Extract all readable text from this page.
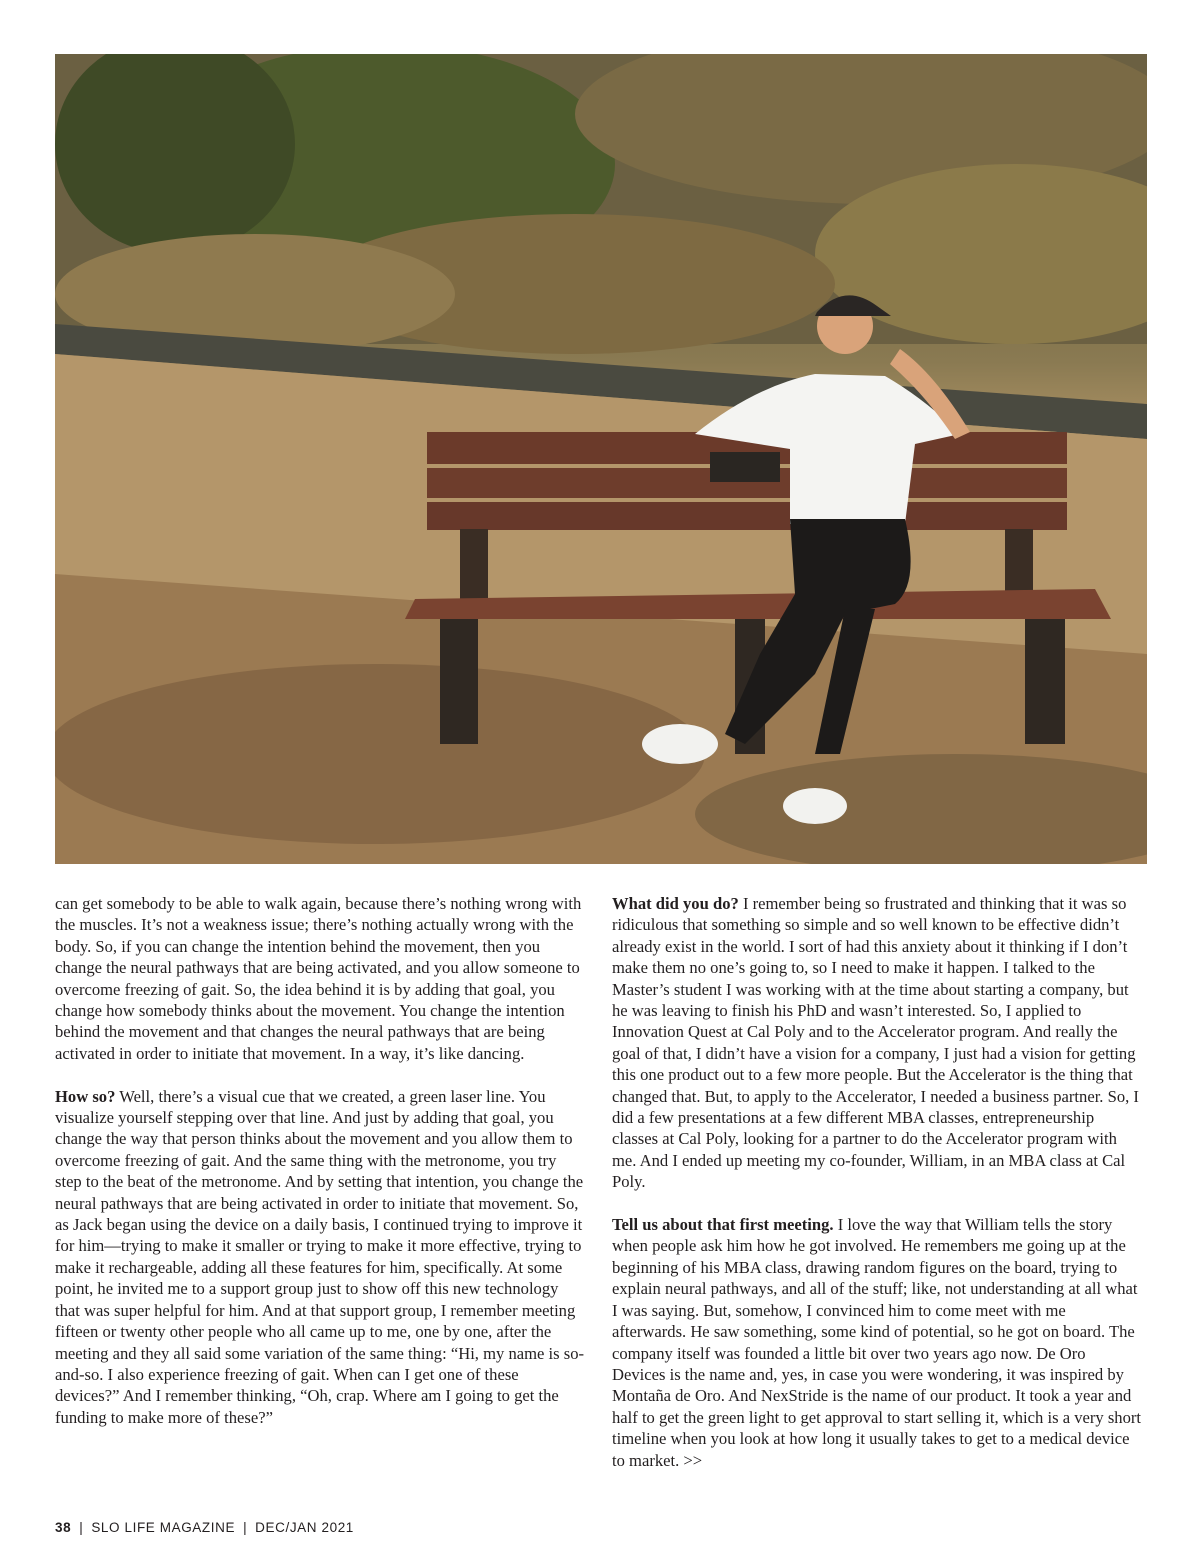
can get somebody to be able to walk again, because there’s nothing wrong with the muscles. It’s not a weakness issue; there’s nothing actually wrong with the body. So, if you can change the intention behind the movement, then you change the neural pathways that are being activated, and you allow someone to overcome freezing of gait. So, the idea behind it is by adding that goal, you change how somebody thinks about the movement. You change the intention behind the movement and that changes the neural pathways that are being activated in order to initiate that movement. In a way, it’s like dancing.

How so? Well, there’s a visual cue that we created, a green laser line. You visualize yourself stepping over that line. And just by adding that goal, you change the way that person thinks about the movement and you allow them to overcome freezing of gait. And the same thing with the metronome, you try step to the beat of the metronome. And by setting that intention, you change the neural pathways that are being activated in order to initiate that movement. So, as Jack began using the device on a daily basis, I continued trying to improve it for him—trying to make it smaller or trying to make it more effective, trying to make it rechargeable, adding all these features for him, specifically. At some point, he invited me to a support group just to show off this new technology that was super helpful for him. And at that support group, I remember meeting fifteen or twenty other people who all came up to me, one by one, after the meeting and they all said some variation of the same thing: “Hi, my name is so-and-so. I also experience freezing of gait. When can I get one of these devices?” And I remember thinking, “Oh, crap. Where am I going to get the funding to make more of these?”

What did you do? I remember being so frustrated and thinking that it was so ridiculous that something so simple and so well known to be effective didn’t already exist in the world. I sort of had this anxiety about it thinking if I don’t make them no one’s going to, so I need to make it happen. I talked to the Master’s student I was working with at the time about starting a company, but he was leaving to finish his PhD and wasn’t interested. So, I applied to Innovation Quest at Cal Poly and to the Accelerator program. And really the goal of that, I didn’t have a vision for a company, I just had a vision for getting this one product out to a few more people. But the Accelerator is the thing that changed that. But, to apply to the Accelerator, I needed a business partner. So, I did a few presentations at a few different MBA classes, entrepreneurship classes at Cal Poly, looking for a partner to do the Accelerator program with me. And I ended up meeting my co-founder, William, in an MBA class at Cal Poly.

Tell us about that first meeting. I love the way that William tells the story when people ask him how he got involved. He remembers me going up at the beginning of his MBA class, drawing random figures on the board, trying to explain neural pathways, and all of the stuff; like, not understanding at all what I was saying. But, somehow, I convinced him to come meet with me afterwards. He saw something, some kind of potential, so he got on board. The company itself was founded a little bit over two years ago now. De Oro Devices is the name and, yes, in case you were wondering, it was inspired by Montaña de Oro. And NexStride is the name of our product. It took a year and half to get the green light to get approval to start selling it, which is a very short timeline when you look at how long it usually takes to get to a medical device to market. >>

38 | SLO LIFE MAGAZINE | DEC/JAN 2021
